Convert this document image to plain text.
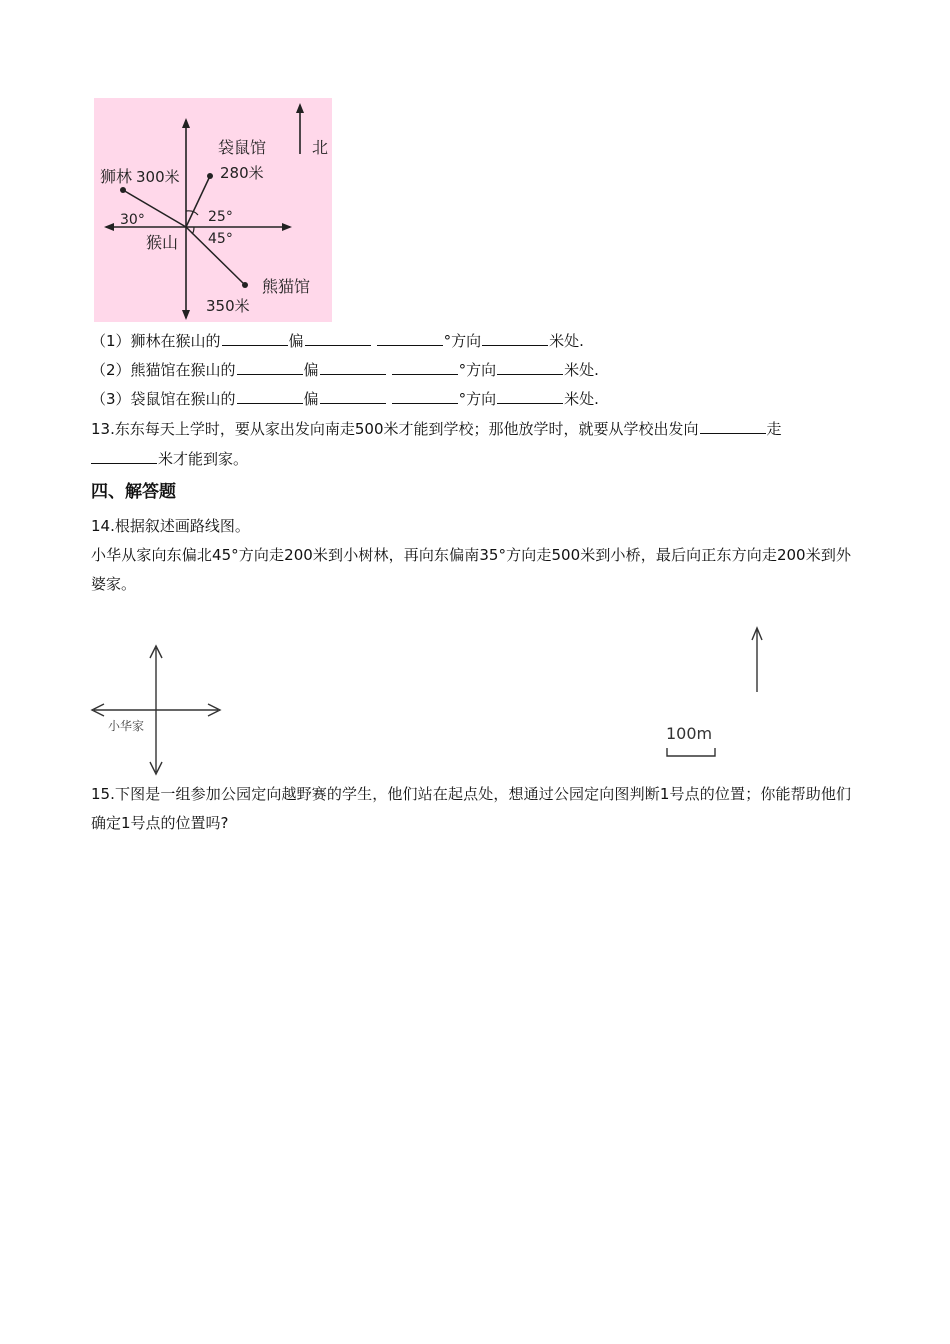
北
袋鼠馆
280米
狮林 300米
30°	25°
45°
猴山
熊猫馆
350米
（1）狮林在猴山的	偏	°方向	米处.
（2）熊猫馆在猴山的	偏	°方向	米处.
（3）袋鼠馆在猴山的	偏	°方向	米处.
13.东东每天上学时，要从家出发向南走500米才能到学校；那他放学时，就要从学校出发向	走
米才能到家。
四、解答题
14.根据叙述画路线图。
小华从家向东偏北45°方向走200米到小树林，再向东偏南35°方向走500米到小桥，最后向正东方向走200米到外婆家。
小华家	100m
15.下图是一组参加公园定向越野赛的学生，他们站在起点处，想通过公园定向图判断1号点的位置；你能帮助他们确定1号点的位置吗?
